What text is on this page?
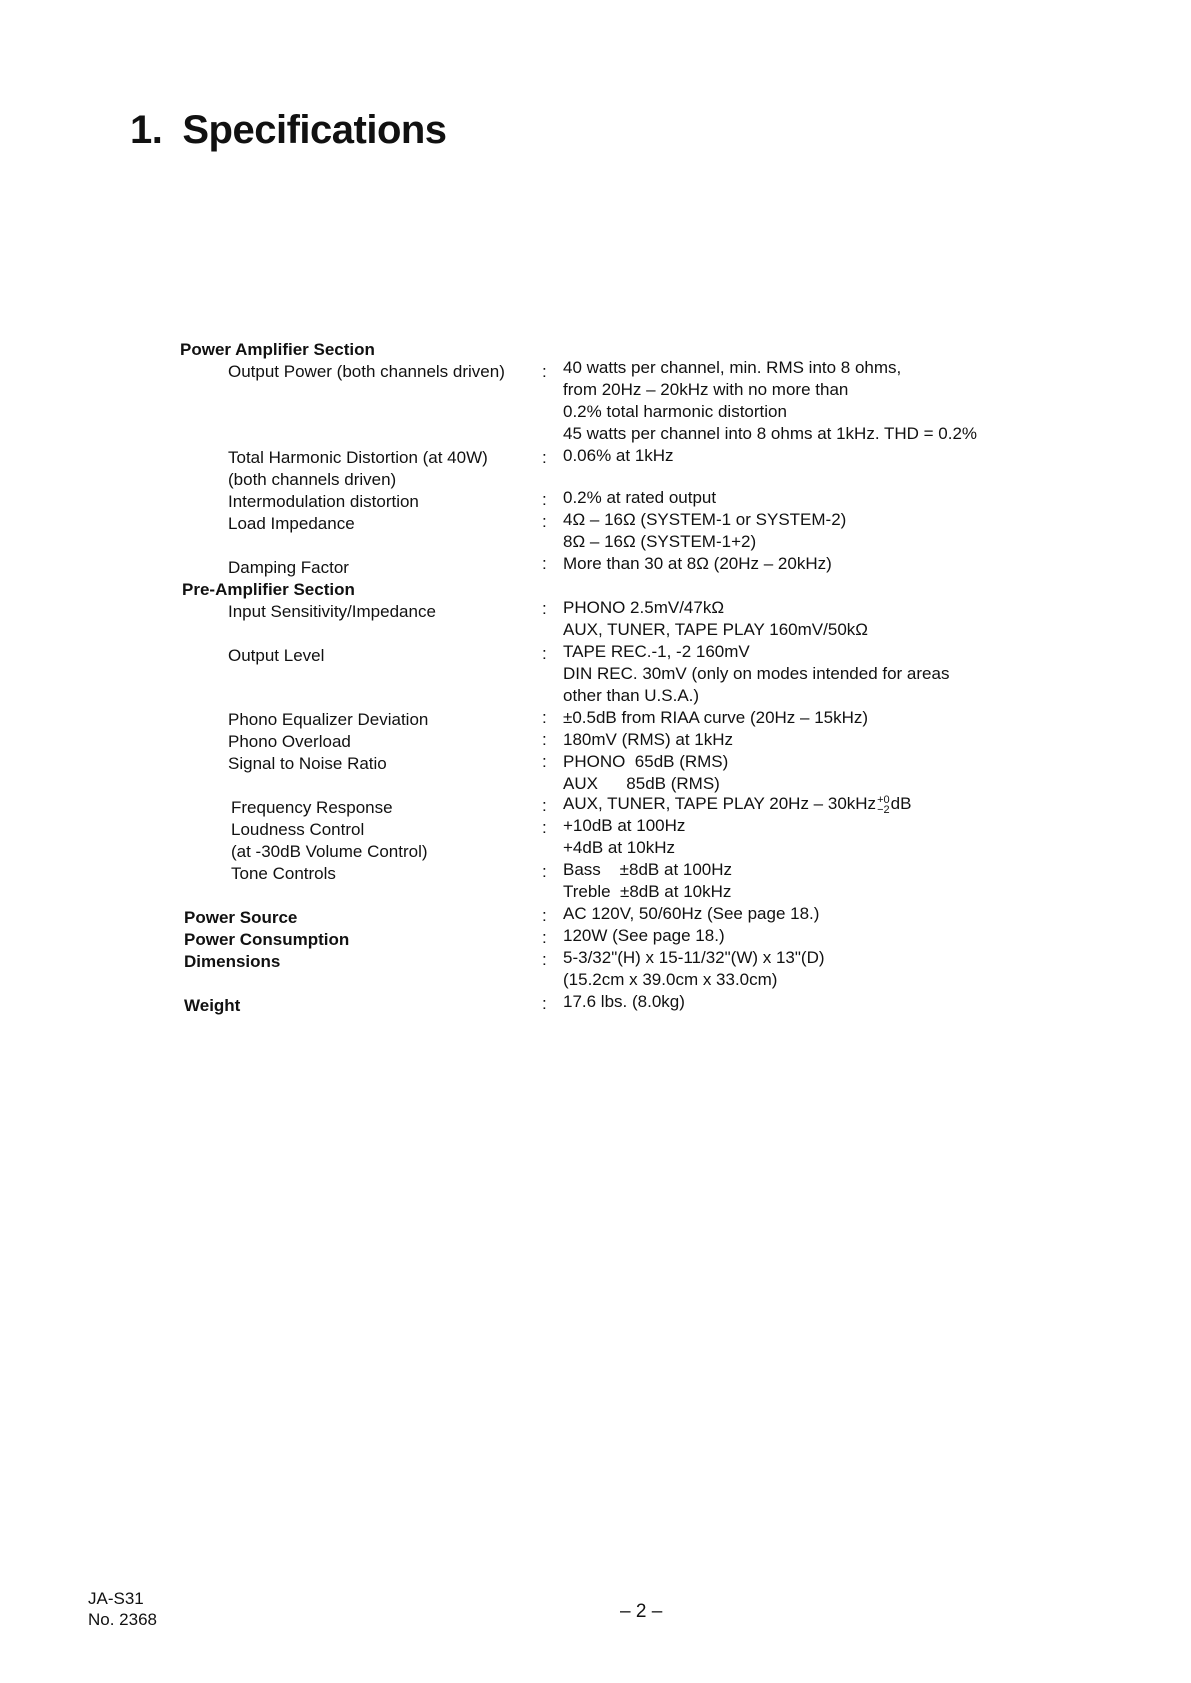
1. Specifications
Power Amplifier Section
Output Power (both channels driven) : 40 watts per channel, min. RMS into 8 ohms,
from 20Hz – 20kHz with no more than
0.2% total harmonic distortion
45 watts per channel into 8 ohms at 1kHz. THD = 0.2%
Total Harmonic Distortion (at 40W)	: 0.06% at 1kHz
(both channels driven)
Intermodulation distortion	: 0.2% at rated output
Load Impedance	: 4Ω – 16Ω (SYSTEM-1 or SYSTEM-2)
8Ω – 16Ω (SYSTEM-1+2)
Damping Factor	: More than 30 at 8Ω (20Hz – 20kHz)
Pre-Amplifier Section
Input Sensitivity/Impedance	: PHONO 2.5mV/47kΩ
AUX, TUNER, TAPE PLAY 160mV/50kΩ
Output Level	: TAPE REC.-1, -2 160mV
DIN REC. 30mV (only on modes intended for areas
other than U.S.A.)
Phono Equalizer Deviation	: ±0.5dB from RIAA curve (20Hz – 15kHz)
Phono Overload	: 180mV (RMS) at 1kHz
Signal to Noise Ratio	: PHONO  65dB (RMS)
AUX      85dB (RMS)
Frequency Response	: AUX, TUNER, TAPE PLAY 20Hz – 30kHz +0
−2 dB
Loudness Control	: +10dB at 100Hz
(at -30dB Volume Control)	+4dB at 10kHz
Tone Controls	: Bass    ±8dB at 100Hz
Treble  ±8dB at 10kHz
Power Source	: AC 120V, 50/60Hz (See page 18.)
Power Consumption	: 120W (See page 18.)
Dimensions	: 5-3/32"(H) x 15-11/32"(W) x 13"(D)
(15.2cm x 39.0cm x 33.0cm)
Weight	: 17.6 lbs. (8.0kg)
JA-S31
No. 2368	– 2 –
